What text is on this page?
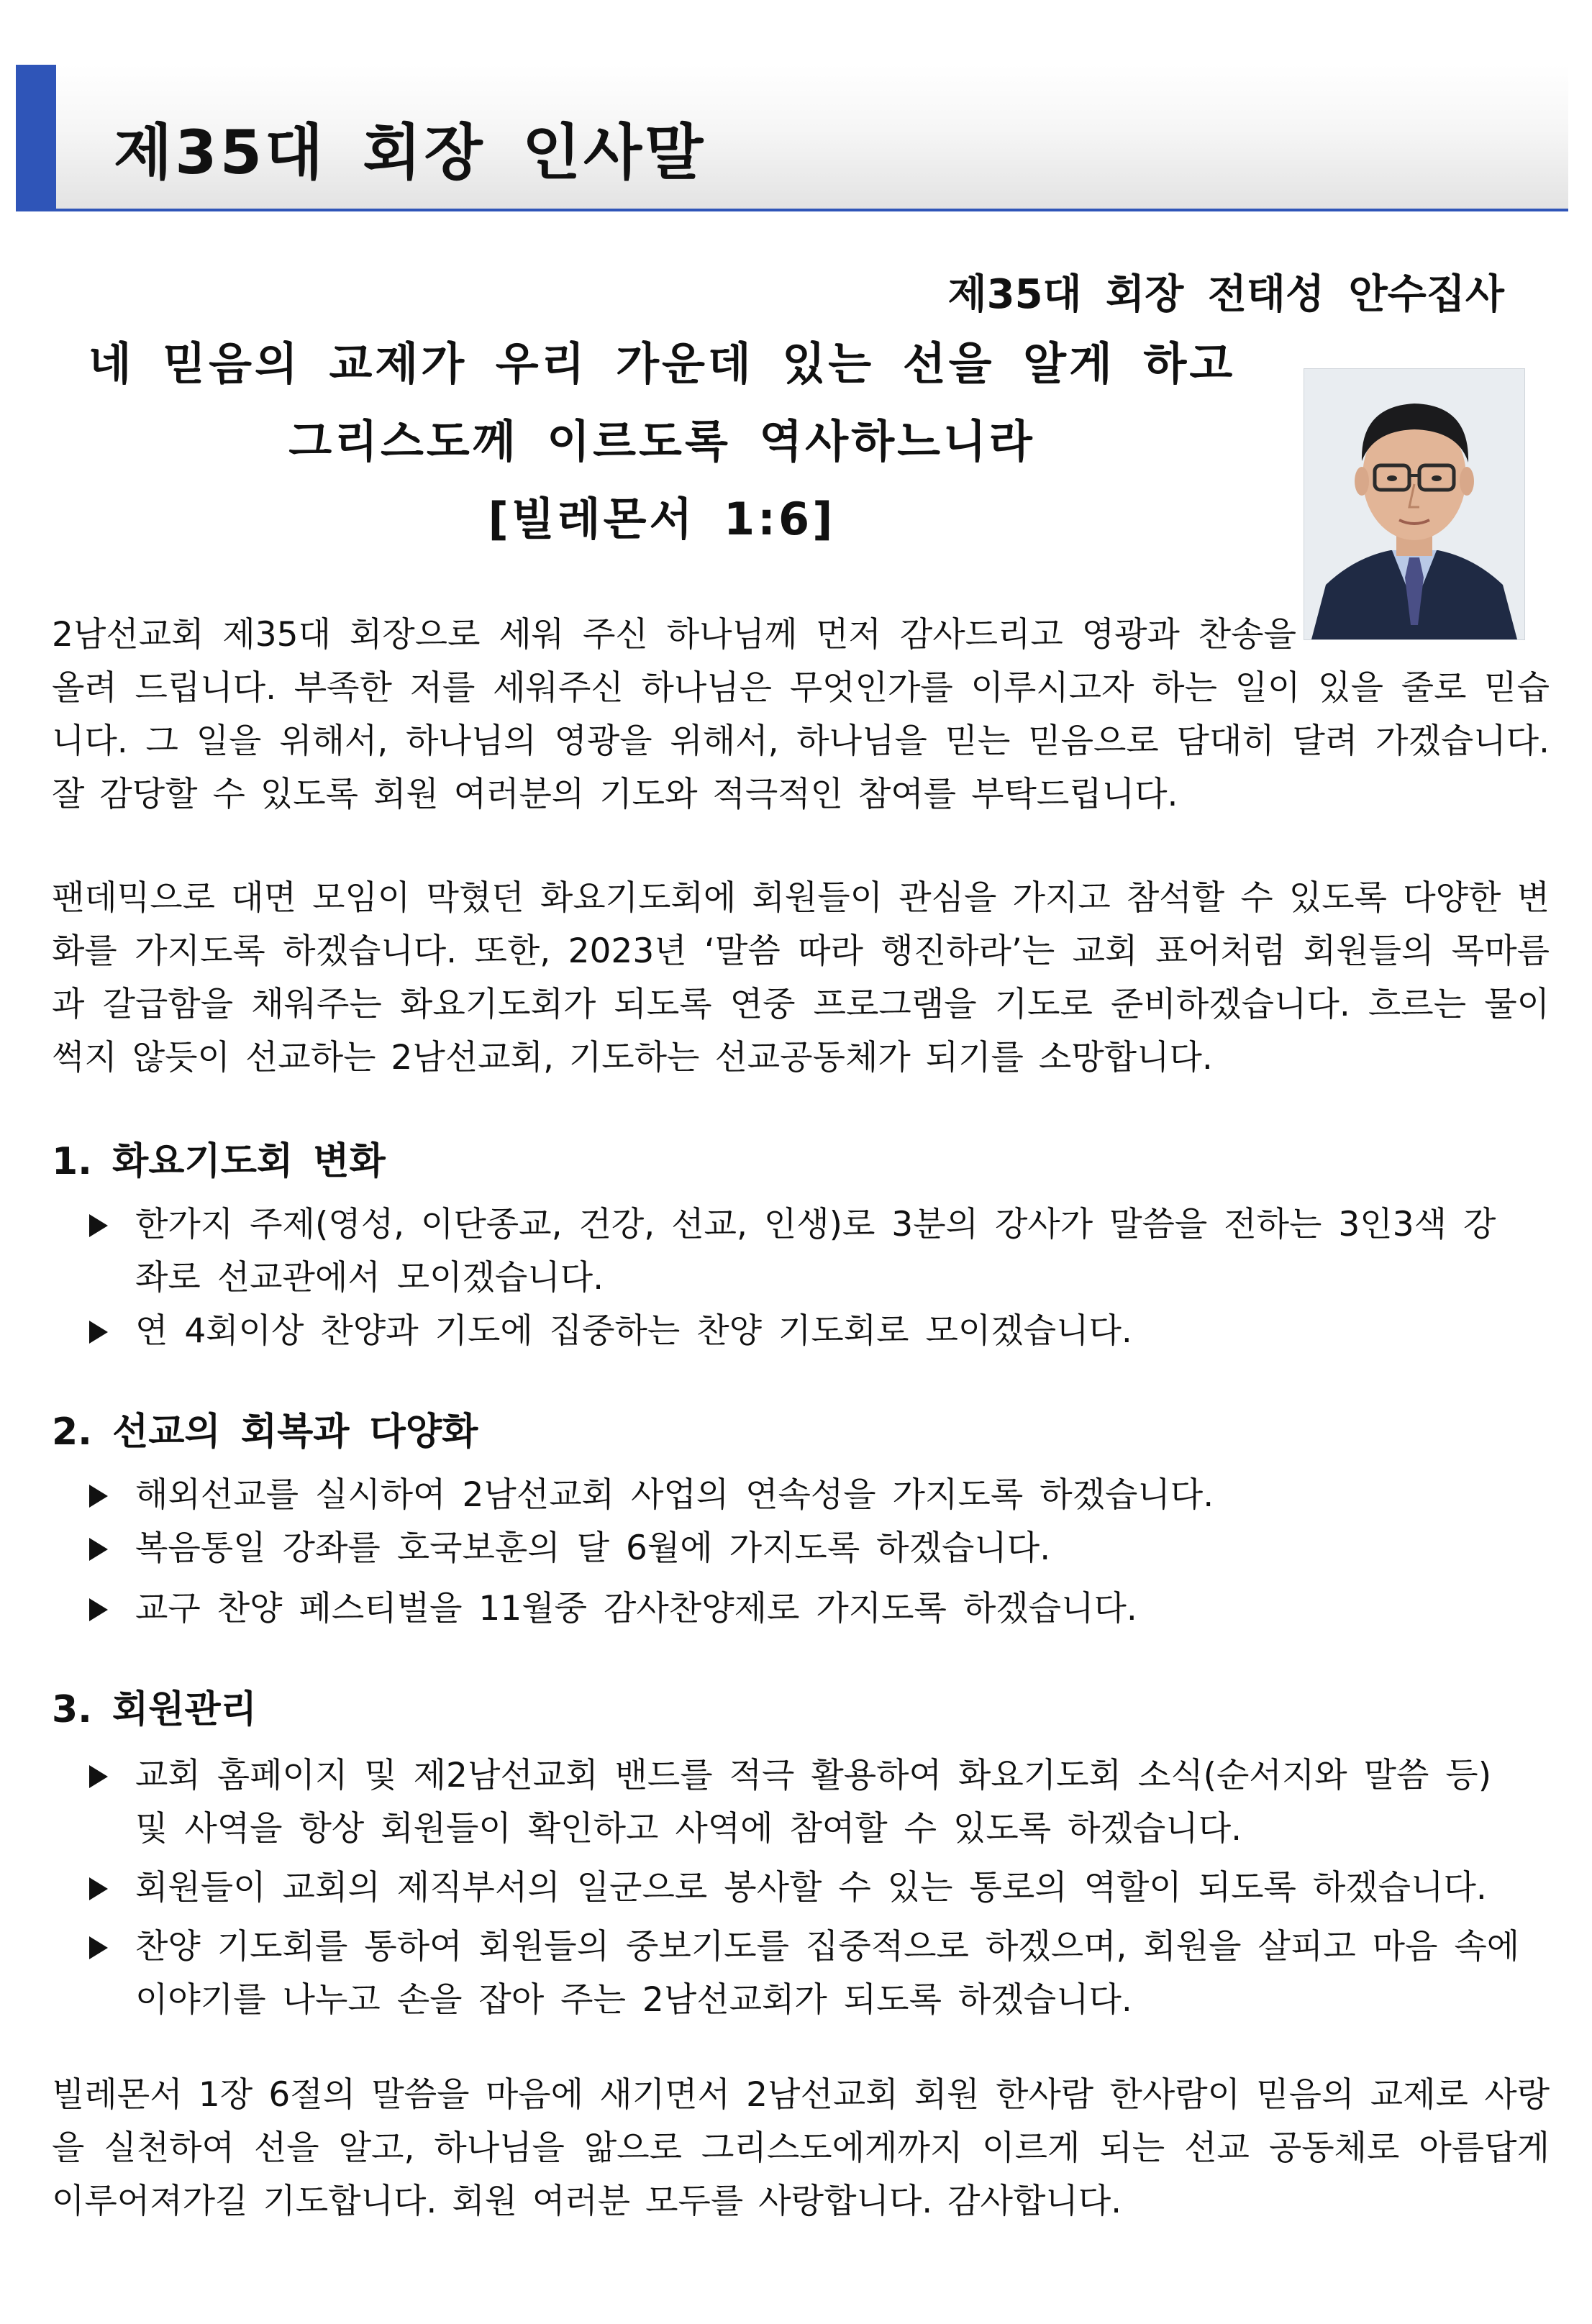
제35대 회장 인사말

제35대 회장 전태성 안수집사

네 믿음의 교제가 우리 가운데 있는 선을 알게 하고
그리스도께 이르도록 역사하느니라
[빌레몬서 1:6]

2남선교회 제35대 회장으로 세워 주신 하나님께 먼저 감사드리고 영광과 찬송을
올려 드립니다. 부족한 저를 세워주신 하나님은 무엇인가를 이루시고자 하는 일이 있을 줄로 믿습니다. 그 일을 위해서, 하나님의 영광을 위해서, 하나님을 믿는 믿음으로 담대히 달려 가겠습니다. 잘 감당할 수 있도록 회원 여러분의 기도와 적극적인 참여를 부탁드립니다.

팬데믹으로 대면 모임이 막혔던 화요기도회에 회원들이 관심을 가지고 참석할 수 있도록 다양한 변화를 가지도록 하겠습니다. 또한, 2023년 ‘말씀 따라 행진하라’는 교회 표어처럼 회원들의 목마름과 갈급함을 채워주는 화요기도회가 되도록 연중 프로그램을 기도로 준비하겠습니다. 흐르는 물이 썩지 않듯이 선교하는 2남선교회, 기도하는 선교공동체가 되기를 소망합니다.

1. 화요기도회 변화
한가지 주제(영성, 이단종교, 건강, 선교, 인생)로 3분의 강사가 말씀을 전하는 3인3색 강좌로 선교관에서 모이겠습니다.
연 4회이상 찬양과 기도에 집중하는 찬양 기도회로 모이겠습니다.
2. 선교의 회복과 다양화
해외선교를 실시하여 2남선교회 사업의 연속성을 가지도록 하겠습니다.
복음통일 강좌를 호국보훈의 달 6월에 가지도록 하겠습니다.
교구 찬양 페스티벌을 11월중 감사찬양제로 가지도록 하겠습니다.
3. 회원관리
교회 홈페이지 및 제2남선교회 밴드를 적극 활용하여 화요기도회 소식(순서지와 말씀 등) 및 사역을 항상 회원들이 확인하고 사역에 참여할 수 있도록 하겠습니다.
회원들이 교회의 제직부서의 일군으로 봉사할 수 있는 통로의 역할이 되도록 하겠습니다.
찬양 기도회를 통하여 회원들의 중보기도를 집중적으로 하겠으며, 회원을 살피고 마음 속에 이야기를 나누고 손을 잡아 주는 2남선교회가 되도록 하겠습니다.

빌레몬서 1장 6절의 말씀을 마음에 새기면서 2남선교회 회원 한사람 한사람이 믿음의 교제로 사랑을 실천하여 선을 알고, 하나님을 앎으로 그리스도에게까지 이르게 되는 선교 공동체로 아름답게 이루어져가길 기도합니다. 회원 여러분 모두를 사랑합니다. 감사합니다.
